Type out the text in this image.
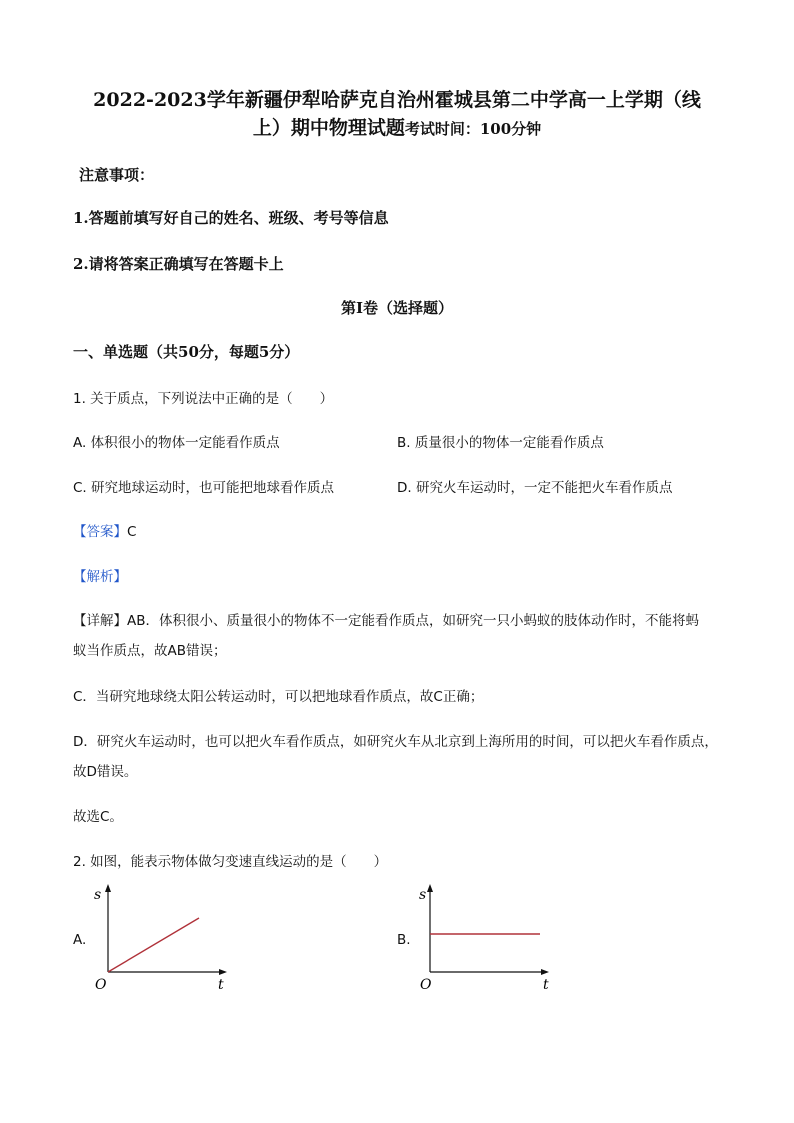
2022-2023学年新疆伊犁哈萨克自治州霍城县第二中学高一上学期（线

上）期中物理试题考试时间：100分钟

注意事项：

1.答题前填写好自己的姓名、班级、考号等信息

2.请将答案正确填写在答题卡上

第I卷（选择题）

一、单选题（共50分，每题5分）

1. 关于质点，下列说法中正确的是（　　）

A. 体积很小的物体一定能看作质点	B. 质量很小的物体一定能看作质点

C. 研究地球运动时，也可能把地球看作质点	D. 研究火车运动时，一定不能把火车看作质点

【答案】C

【解析】

【详解】AB．体积很小、质量很小的物体不一定能看作质点，如研究一只小蚂蚁的肢体动作时，不能将蚂

蚁当作质点，故AB错误；

C．当研究地球绕太阳公转运动时，可以把地球看作质点，故C正确；

D．研究火车运动时，也可以把火车看作质点，如研究火车从北京到上海所用的时间，可以把火车看作质点，

故D错误。

故选C。

2. 如图，能表示物体做匀变速直线运动的是（　　）

A.

s
t
O

B.

s
t
O
